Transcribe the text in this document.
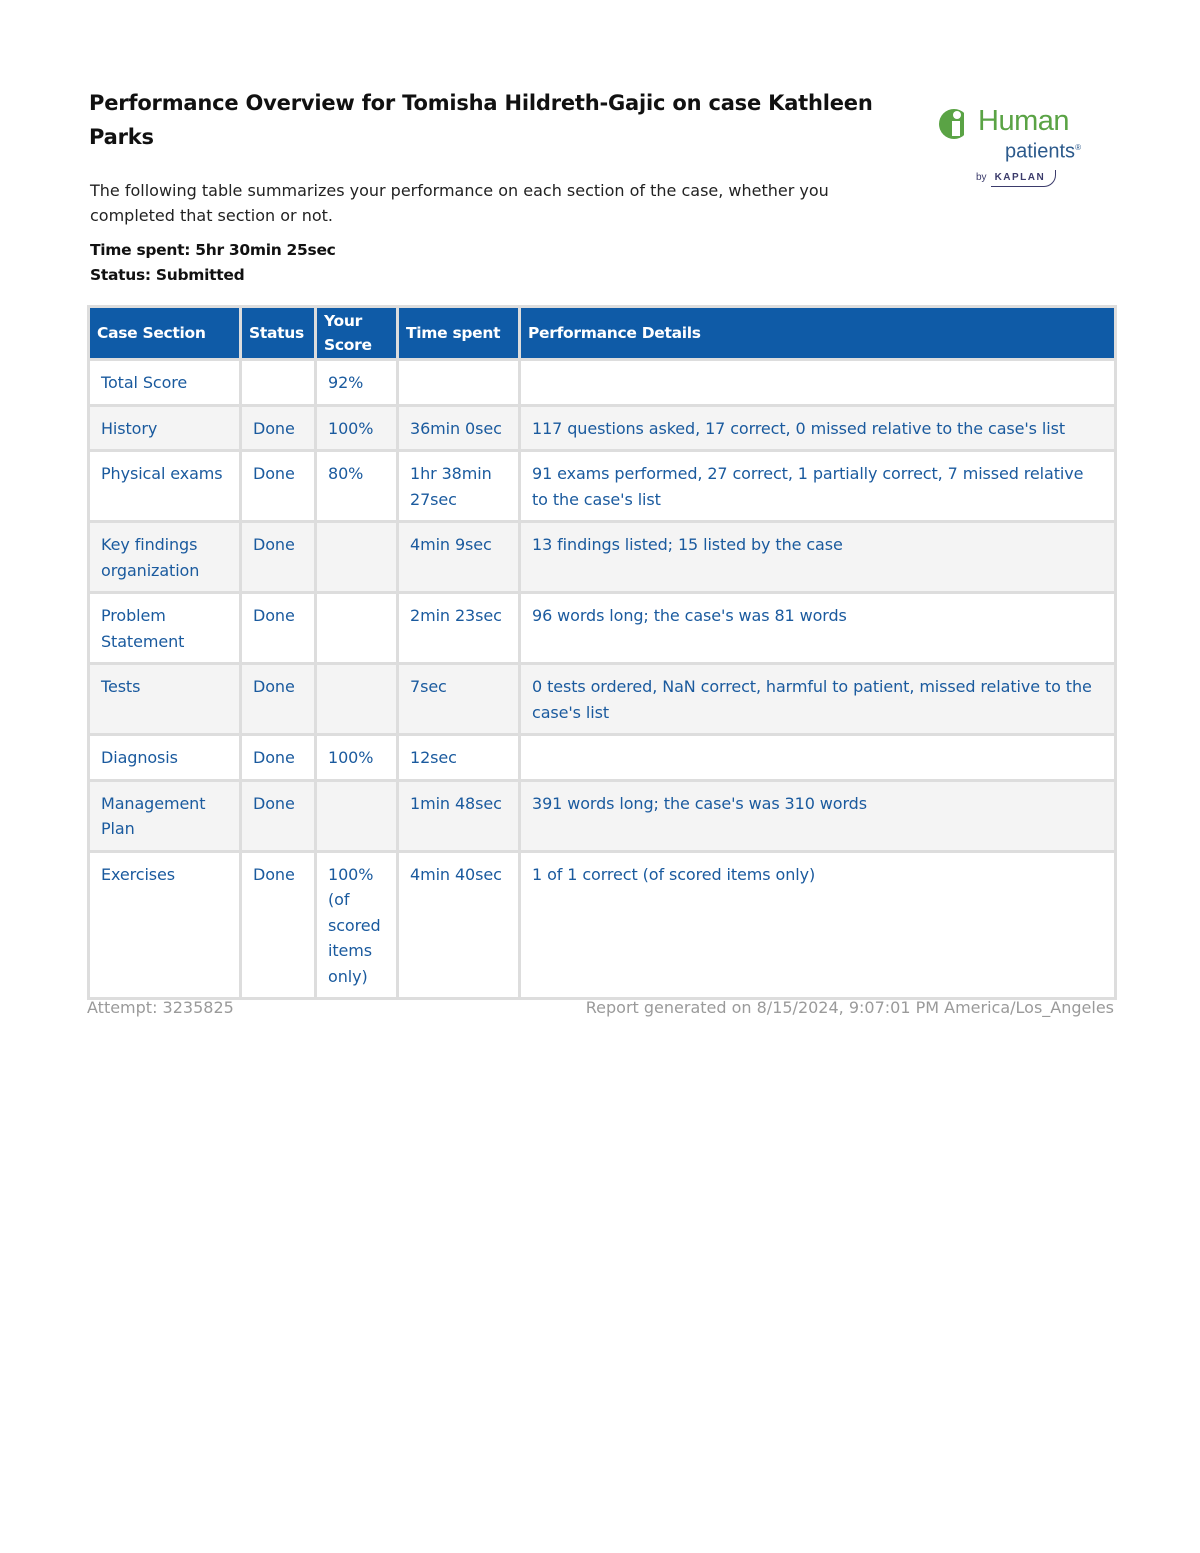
Performance Overview for Tomisha Hildreth-Gajic on case Kathleen Parks	Human
patients®
by KAPLAN

The following table summarizes your performance on each section of the case, whether you completed that section or not.

Time spent: 5hr 30min 25sec
Status: Submitted
Case Section	Status	Your Score	Time spent	Performance Details
Total Score		92%		
History	Done	100%	36min 0sec	117 questions asked, 17 correct, 0 missed relative to the case's list
Physical exams	Done	80%	1hr 38min 27sec	91 exams performed, 27 correct, 1 partially correct, 7 missed relative to the case's list
Key findings organization	Done		4min 9sec	13 findings listed; 15 listed by the case
Problem Statement	Done		2min 23sec	96 words long; the case's was 81 words
Tests	Done		7sec	0 tests ordered, NaN correct, harmful to patient, missed relative to the case's list
Diagnosis	Done	100%	12sec	
Management Plan	Done		1min 48sec	391 words long; the case's was 310 words
Exercises	Done	100% (of scored items only)	4min 40sec	1 of 1 correct (of scored items only)
Attempt: 3235825	Report generated on 8/15/2024, 9:07:01 PM America/Los_Angeles
